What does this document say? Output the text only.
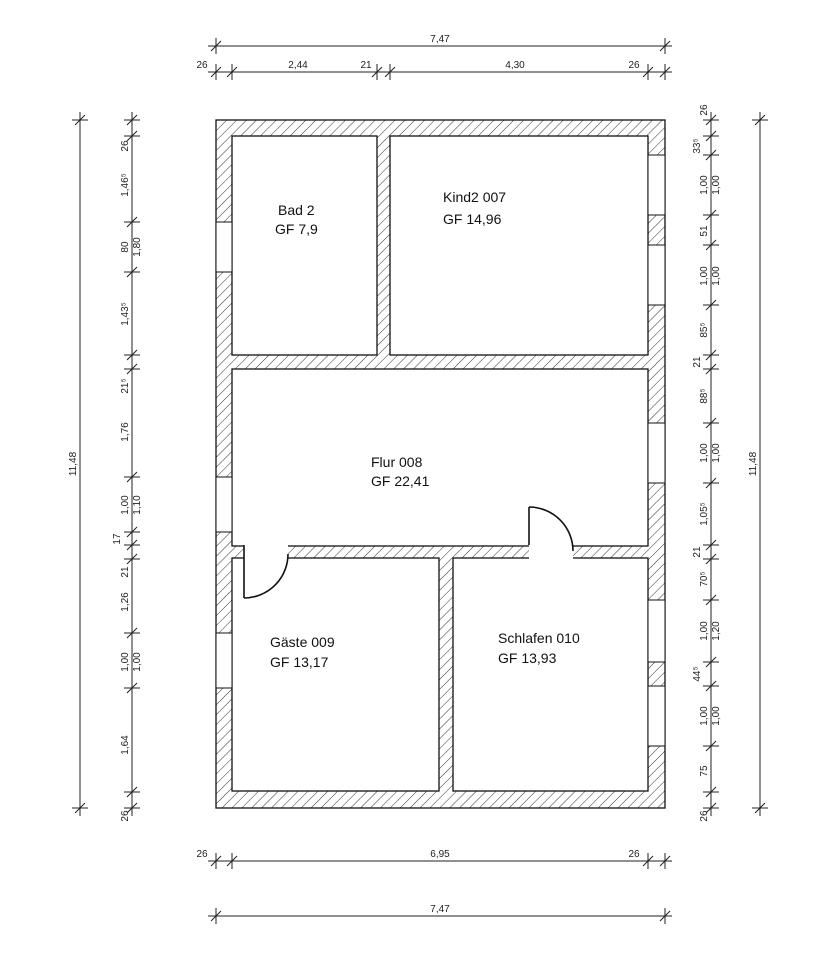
Bad 2
GF 7,9
Kind2 007
GF 14,96
Flur 008
GF 22,41
Gäste 009
GF 13,17
Schlafen 010
GF 13,93
7,47
26	2,44	21	4,30	26
26	6,95	26
7,47
11,48
26
1,46⁵
80
1,43⁵
21⁵
1,76
1,00
17
21
1,26
1,00
1,64
26
1,80
1,10
1,00
11,48
26
33⁵
1,00
51
1,00
85⁵
21
88⁵
1,00
1,05⁵
21
70⁵
1,00
44⁵
1,00
75
26
1,00
1,00
1,00
1,20
1,00
